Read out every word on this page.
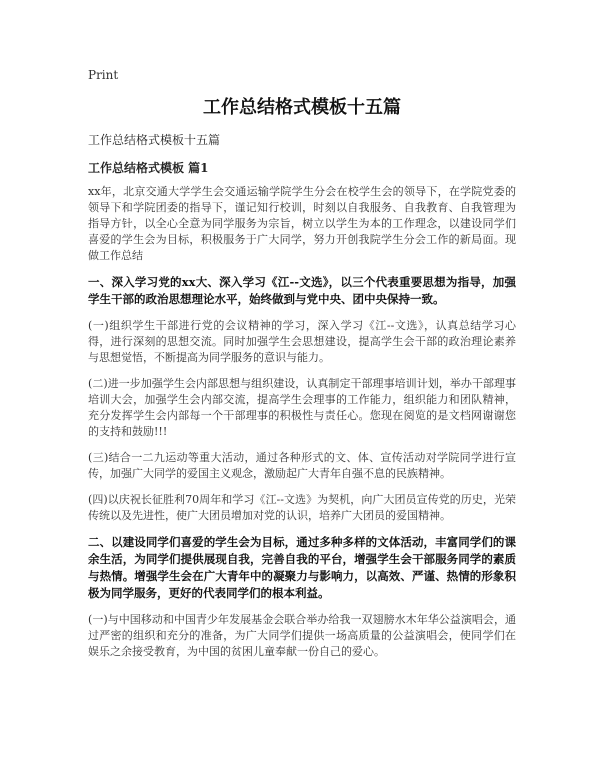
Print
工作总结格式模板十五篇
工作总结格式模板十五篇
工作总结格式模板 篇1

xx年，北京交通大学学生会交通运输学院学生分会在校学生会的领导下，在学院党委的领导下和学院团委的指导下，谨记知行校训，时刻以自我服务、自我教育、自我管理为指导方针，以全心全意为同学服务为宗旨，树立以学生为本的工作理念，以建设同学们喜爱的学生会为目标，积极服务于广大同学，努力开创我院学生分会工作的新局面。现做工作总结

一、深入学习党的xx大、深入学习《江--文选》，以三个代表重要思想为指导，加强学生干部的政治思想理论水平，始终做到与党中央、团中央保持一致。

(一)组织学生干部进行党的会议精神的学习，深入学习《江--文选》，认真总结学习心得，进行深刻的思想交流。同时加强学生会思想建设，提高学生会干部的政治理论素养与思想觉悟，不断提高为同学服务的意识与能力。

(二)进一步加强学生会内部思想与组织建设，认真制定干部理事培训计划，举办干部理事培训大会，加强学生会内部交流，提高学生会理事的工作能力，组织能力和团队精神，充分发挥学生会内部每一个干部理事的积极性与责任心。您现在阅览的是文档网谢谢您的支持和鼓励!!!

(三)结合一二九运动等重大活动，通过各种形式的文、体、宣传活动对学院同学进行宣传，加强广大同学的爱国主义观念，激励起广大青年自强不息的民族精神。

(四)以庆祝长征胜利70周年和学习《江--文选》为契机，向广大团员宣传党的历史，光荣传统以及先进性，使广大团员增加对党的认识，培养广大团员的爱国精神。

二、以建设同学们喜爱的学生会为目标，通过多种多样的文体活动，丰富同学们的课余生活，为同学们提供展现自我，完善自我的平台，增强学生会干部服务同学的素质与热情。增强学生会在广大青年中的凝聚力与影响力，以高效、严谨、热情的形象积极为同学服务，更好的代表同学们的根本利益。

(一)与中国移动和中国青少年发展基金会联合举办给我一双翅膀水木年华公益演唱会，通过严密的组织和充分的准备，为广大同学们提供一场高质量的公益演唱会，使同学们在娱乐之余接受教育，为中国的贫困儿童奉献一份自己的爱心。
